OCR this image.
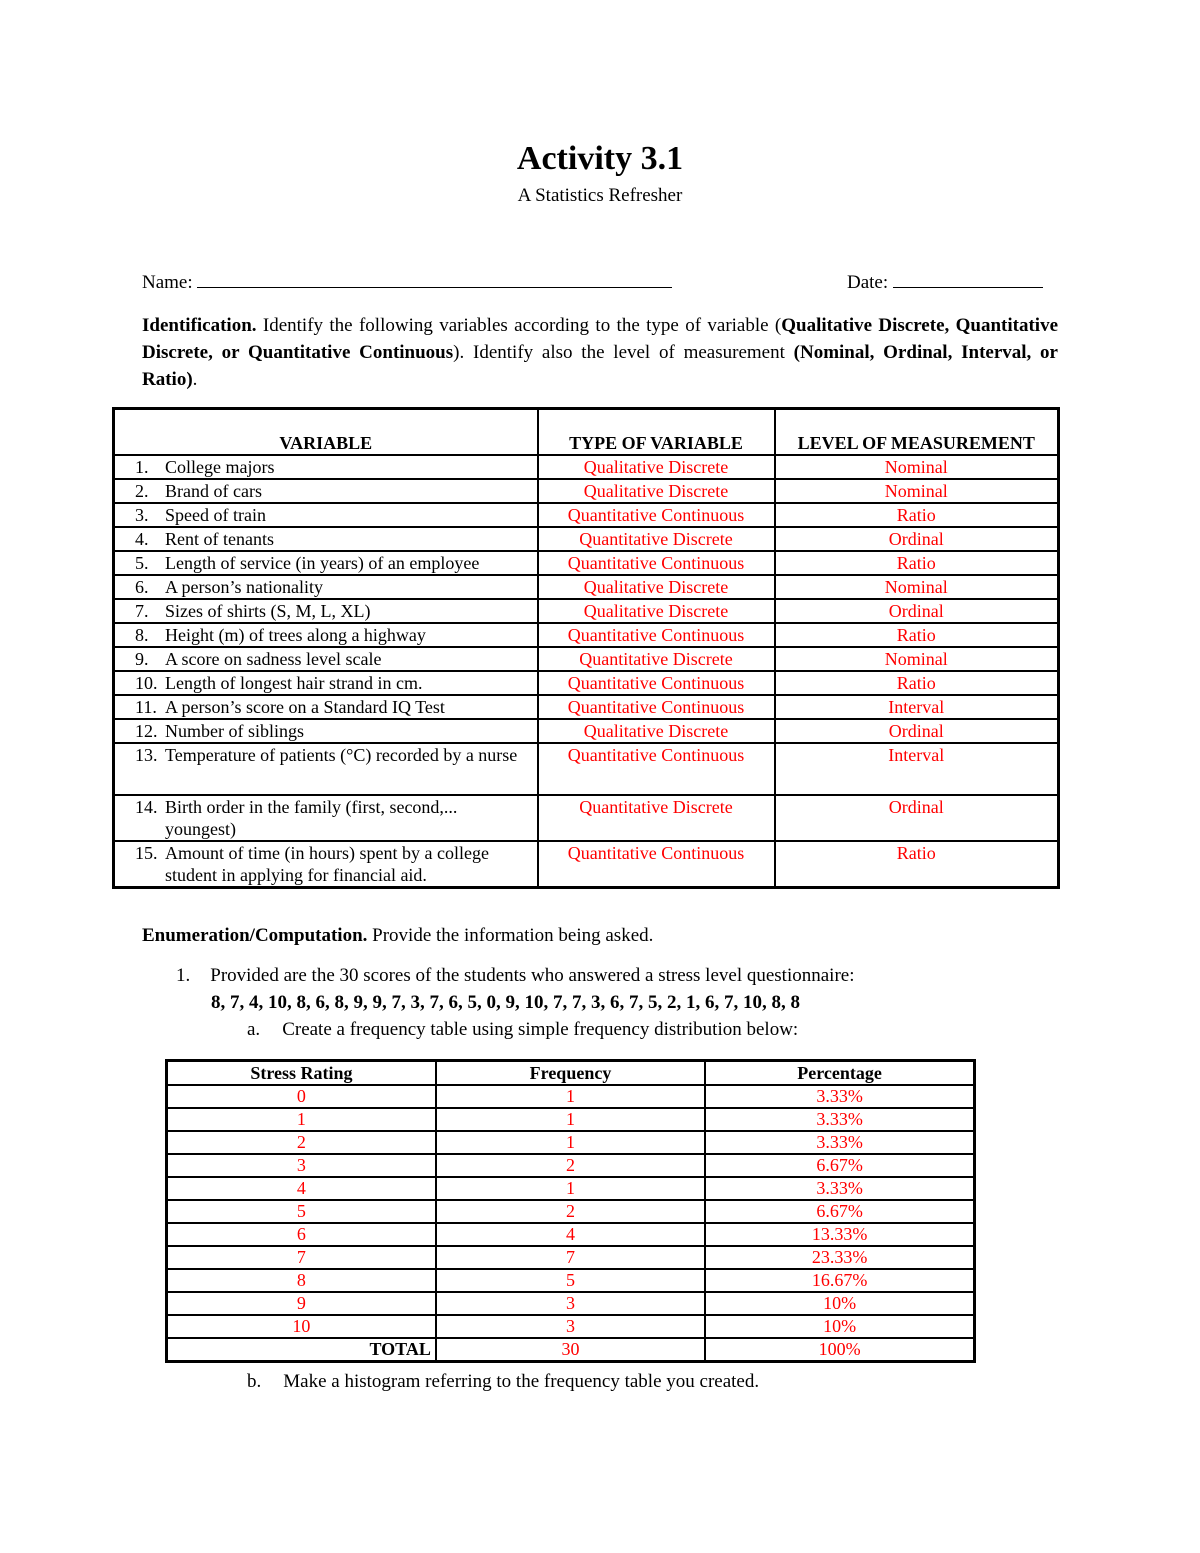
Activity 3.1
A Statistics Refresher
Name:	Date:
Identification. Identify the following variables according to the type of variable (Qualitative Discrete, Quantitative Discrete, or Quantitative Continuous). Identify also the level of measurement (Nominal, Ordinal, Interval, or Ratio).
VARIABLE	TYPE OF VARIABLE	LEVEL OF MEASUREMENT

1. College majors	Qualitative Discrete	Nominal

2. Brand of cars	Qualitative Discrete	Nominal

3. Speed of train	Quantitative Continuous	Ratio

4. Rent of tenants	Quantitative Discrete	Ordinal

5. Length of service (in years) of an employee	Quantitative Continuous	Ratio

6. A person’s nationality	Qualitative Discrete	Nominal

7. Sizes of shirts (S, M, L, XL)	Qualitative Discrete	Ordinal

8. Height (m) of trees along a highway	Quantitative Continuous	Ratio

9. A score on sadness level scale	Quantitative Discrete	Nominal

10. Length of longest hair strand in cm.	Quantitative Continuous	Ratio

11. A person’s score on a Standard IQ Test	Quantitative Continuous	Interval

12. Number of siblings	Qualitative Discrete	Ordinal

13. Temperature of patients (°C) recorded by a nurse	Quantitative Continuous	Interval

14. Birth order in the family (first, second,... youngest)	Quantitative Discrete	Ordinal

15. Amount of time (in hours) spent by a college student in applying for financial aid.	Quantitative Continuous	Ratio
Enumeration/Computation. Provide the information being asked.
1. Provided are the 30 scores of the students who answered a stress level questionnaire:
8, 7, 4, 10, 8, 6, 8, 9, 9, 7, 3, 7, 6, 5, 0, 9, 10, 7, 7, 3, 6, 7, 5, 2, 1, 6, 7, 10, 8, 8
a. Create a frequency table using simple frequency distribution below:
Stress Rating	Frequency	Percentage
0	1	3.33%
1	1	3.33%
2	1	3.33%
3	2	6.67%
4	1	3.33%
5	2	6.67%
6	4	13.33%
7	7	23.33%
8	5	16.67%
9	3	10%
10	3	10%
TOTAL	30	100%
b. Make a histogram referring to the frequency table you created.
